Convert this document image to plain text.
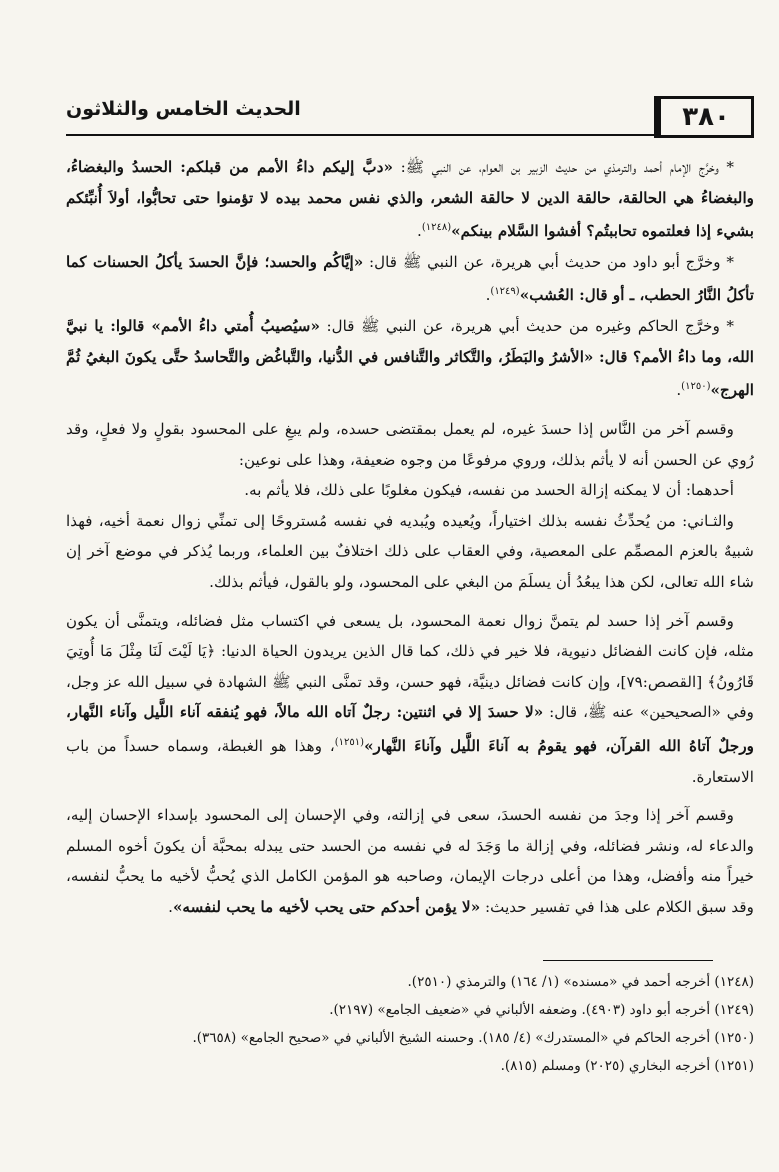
٣٨٠
الحديث الخامس والثلاثون

* وخرَّج الإمام أحمد والترمذي من حديث الزبير بن العوام، عن النبي ﷺ: «دبَّ إليكم داءُ الأمم من قبلكم: الحسدُ والبغضاءُ، والبغضاءُ هي الحالقة، حالقة الدين لا حالقة الشعر، والذي نفس محمد بيده لا تؤمنوا حتى تحابُّوا، أولاَ أُنبِّئكم بشيء إذا فعلتموه تحاببتُم؟ أفشوا السَّلام بينكم»$^{(١٢٤٨)}$.

* وخرَّج أبو داود من حديث أبي هريرة، عن النبي ﷺ قال: «إيَّاكُم والحسد؛ فإنَّ الحسدَ يأكلُ الحسنات كما تأكلُ النَّارُ الحطب، ـ أو قال: العُشب»$^{(١٢٤٩)}$.

* وخرَّج الحاكم وغيره من حديث أبي هريرة، عن النبي ﷺ قال: «سيُصيبُ أُمتي داءُ الأمم» قالوا: يا نبيَّ الله، وما داءُ الأمم؟ قال: «الأشرُ والبَطَرُ، والتَّكاثر والتَّنافس في الدُّنيا، والتَّباغُض والتَّحاسدُ حتَّى يكونَ البغيُ ثُمَّ الهرج»$^{(١٢٥٠)}$.

وقسم آخر من النَّاس إذا حسدَ غيره، لم يعمل بمقتضى حسده، ولم يبغِ على المحسود بقولٍ ولا فعلٍ، وقد رُوي عن الحسن أنه لا يأثم بذلك، وروي مرفوعًا من وجوه ضعيفة، وهذا على نوعين:

أحدهما: أن لا يمكنه إزالة الحسد من نفسه، فيكون مغلوبًا على ذلك، فلا يأثم به.

والثـاني: من يُحدِّثُ نفسه بذلك اختياراً، ويُعيده ويُبديه في نفسه مُستروحًا إلى تمنِّي زوال نعمة أخيه، فهذا شبيهٌ بالعزم المصمِّم على المعصية، وفي العقاب على ذلك اختلافٌ بين العلماء، وربما يُذكر في موضع آخر إن شاء الله تعالى، لكن هذا يبعُدُ أن يسلَمَ من البغي على المحسود، ولو بالقول، فيأثم بذلك.

وقسم آخر إذا حسد لم يتمنَّ زوال نعمة المحسود، بل يسعى في اكتساب مثل فضائله، ويتمنَّى أن يكون مثله، فإن كانت الفضائل دنيوية، فلا خير في ذلك، كما قال الذين يريدون الحياة الدنيا: ﴿يَا لَيْتَ لَنَا مِثْلَ مَا أُوتِيَ قَارُونُ﴾ [القصص:٧٩]، وإن كانت فضائل دينيَّة، فهو حسن، وقد تمنَّى النبي ﷺ الشهادة في سبيل الله عز وجل، وفي «الصحيحين» عنه ﷺ، قال: «لا حسدَ إلا في اثنتين: رجلٌ آتاه الله مالاً، فهو يُنفقه آناء اللَّيل وآناء النَّهار، ورجلٌ آتاهُ الله القرآن، فهو يقومُ به آناءَ اللَّيل وآناءَ النَّهار»$^{(١٢٥١)}$، وهذا هو الغبطة، وسماه حسداً من باب الاستعارة.

وقسم آخر إذا وجدَ من نفسه الحسدَ، سعى في إزالته، وفي الإحسان إلى المحسود بإسداء الإحسان إليه، والدعاء له، ونشر فضائله، وفي إزالة ما وَجَدَ له في نفسه من الحسد حتى يبدله بمحبَّة أن يكونَ أخوه المسلم خيراً منه وأفضل، وهذا من أعلى درجات الإيمان، وصاحبه هو المؤمن الكامل الذي يُحبُّ لأخيه ما يحبُّ لنفسه، وقد سبق الكلام على هذا في تفسير حديث: «لا يؤمن أحدكم حتى يحب لأخيه ما يحب لنفسه».

(١٢٤٨) أخرجه أحمد في «مسنده» (١/ ١٦٤) والترمذي (٢٥١٠).
(١٢٤٩) أخرجه أبو داود (٤٩٠٣). وضعفه الألباني في «ضعيف الجامع» (٢١٩٧).
(١٢٥٠) أخرجه الحاكم في «المستدرك» (٤/ ١٨٥). وحسنه الشيخ الألباني في «صحيح الجامع» (٣٦٥٨).
(١٢٥١) أخرجه البخاري (٢٠٢٥) ومسلم (٨١٥).
